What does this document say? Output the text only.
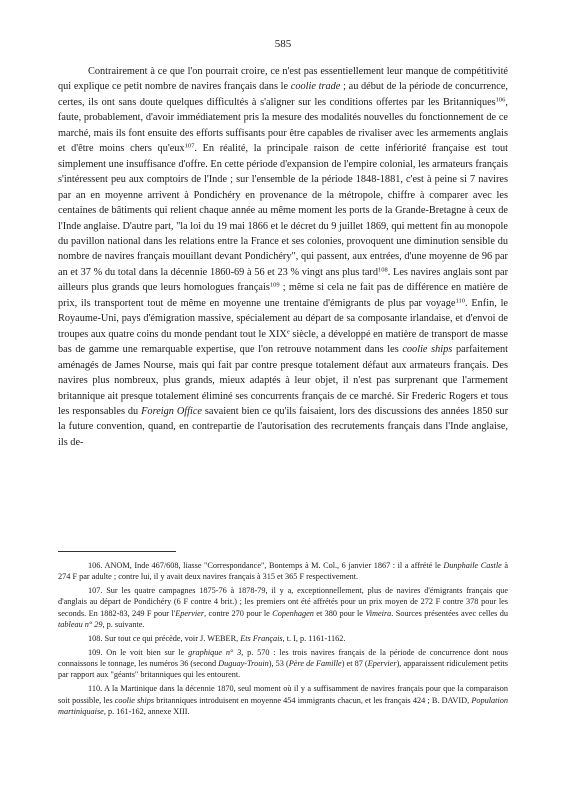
585

Contrairement à ce que l'on pourrait croire, ce n'est pas essentiellement leur manque de compétitivité qui explique ce petit nombre de navires français dans le coolie trade ; au début de la période de concurrence, certes, ils ont sans doute quelques difficultés à s'aligner sur les conditions offertes par les Britanniques$^{106}$, faute, probablement, d'avoir immédiatement pris la mesure des modalités nouvelles du fonctionnement de ce marché, mais ils font ensuite des efforts suffisants pour être capables de rivaliser avec les armements anglais et d'être moins chers qu'eux$^{107}$. En réalité, la principale raison de cette infériorité française est tout simplement une insuffisance d'offre. En cette période d'expansion de l'empire colonial, les armateurs français s'intéressent peu aux comptoirs de l'Inde ; sur l'ensemble de la période 1848-1881, c'est à peine si 7 navires par an en moyenne arrivent à Pondichéry en provenance de la métropole, chiffre à comparer avec les centaines de bâtiments qui relient chaque année au même moment les ports de la Grande-Bretagne à ceux de l'Inde anglaise. D'autre part, "la loi du 19 mai 1866 et le décret du 9 juillet 1869, qui mettent fin au monopole du pavillon national dans les relations entre la France et ses colonies, provoquent une diminution sensible du nombre de navires français mouillant devant Pondichéry", qui passent, aux entrées, d'une moyenne de 96 par an et 37 % du total dans la décennie 1860-69 à 56 et 23 % vingt ans plus tard$^{108}$. Les navires anglais sont par ailleurs plus grands que leurs homologues français$^{109}$ ; même si cela ne fait pas de différence en matière de prix, ils transportent tout de même en moyenne une trentaine d'émigrants de plus par voyage$^{110}$. Enfin, le Royaume-Uni, pays d'émigration massive, spécialement au départ de sa composante irlandaise, et d'envoi de troupes aux quatre coins du monde pendant tout le XIXe siècle, a développé en matière de transport de masse bas de gamme une remarquable expertise, que l'on retrouve notamment dans les coolie ships parfaitement aménagés de James Nourse, mais qui fait par contre presque totalement défaut aux armateurs français. Des navires plus nombreux, plus grands, mieux adaptés à leur objet, il n'est pas surprenant que l'armement britannique ait presque totalement éliminé ses concurrents français de ce marché. Sir Frederic Rogers et tous les responsables du Foreign Office savaient bien ce qu'ils faisaient, lors des discussions des années 1850 sur la future convention, quand, en contrepartie de l'autorisation des recrutements français dans l'Inde anglaise, ils de-

106. ANOM, Inde 467/608, liasse "Correspondance", Bontemps à M. Col., 6 janvier 1867 : il a affrété le Dunphaile Castle à 274 F par adulte ; contre lui, il y avait deux navires français à 315 et 365 F respectivement.

107. Sur les quatre campagnes 1875-76 à 1878-79, il y a, exceptionnellement, plus de navires d'émigrants français que d'anglais au départ de Pondichéry (6 F contre 4 brit.) ; les premiers ont été affrétés pour un prix moyen de 272 F contre 378 pour les seconds. En 1882-83, 249 F pour l'Epervier, contre 270 pour le Copenhagen et 380 pour le Vimeira. Sources présentées avec celles du tableau n° 29, p. suivante.

108. Sur tout ce qui précède, voir J. WEBER, Ets Français, t. I, p. 1161-1162.

109. On le voit bien sur le graphique n° 3, p. 570 : les trois navires français de la période de concurrence dont nous connaissons le tonnage, les numéros 36 (second Duguay-Trouin), 53 (Père de Famille) et 87 (Epervier), apparaissent ridiculement petits par rapport aux "géants" britanniques qui les entourent.

110. A la Martinique dans la décennie 1870, seul moment où il y a suffisamment de navires français pour que la comparaison soit possible, les coolie ships britanniques introduisent en moyenne 454 immigrants chacun, et les français 424 ; B. DAVID, Population martiniquaise, p. 161-162, annexe XIII.
